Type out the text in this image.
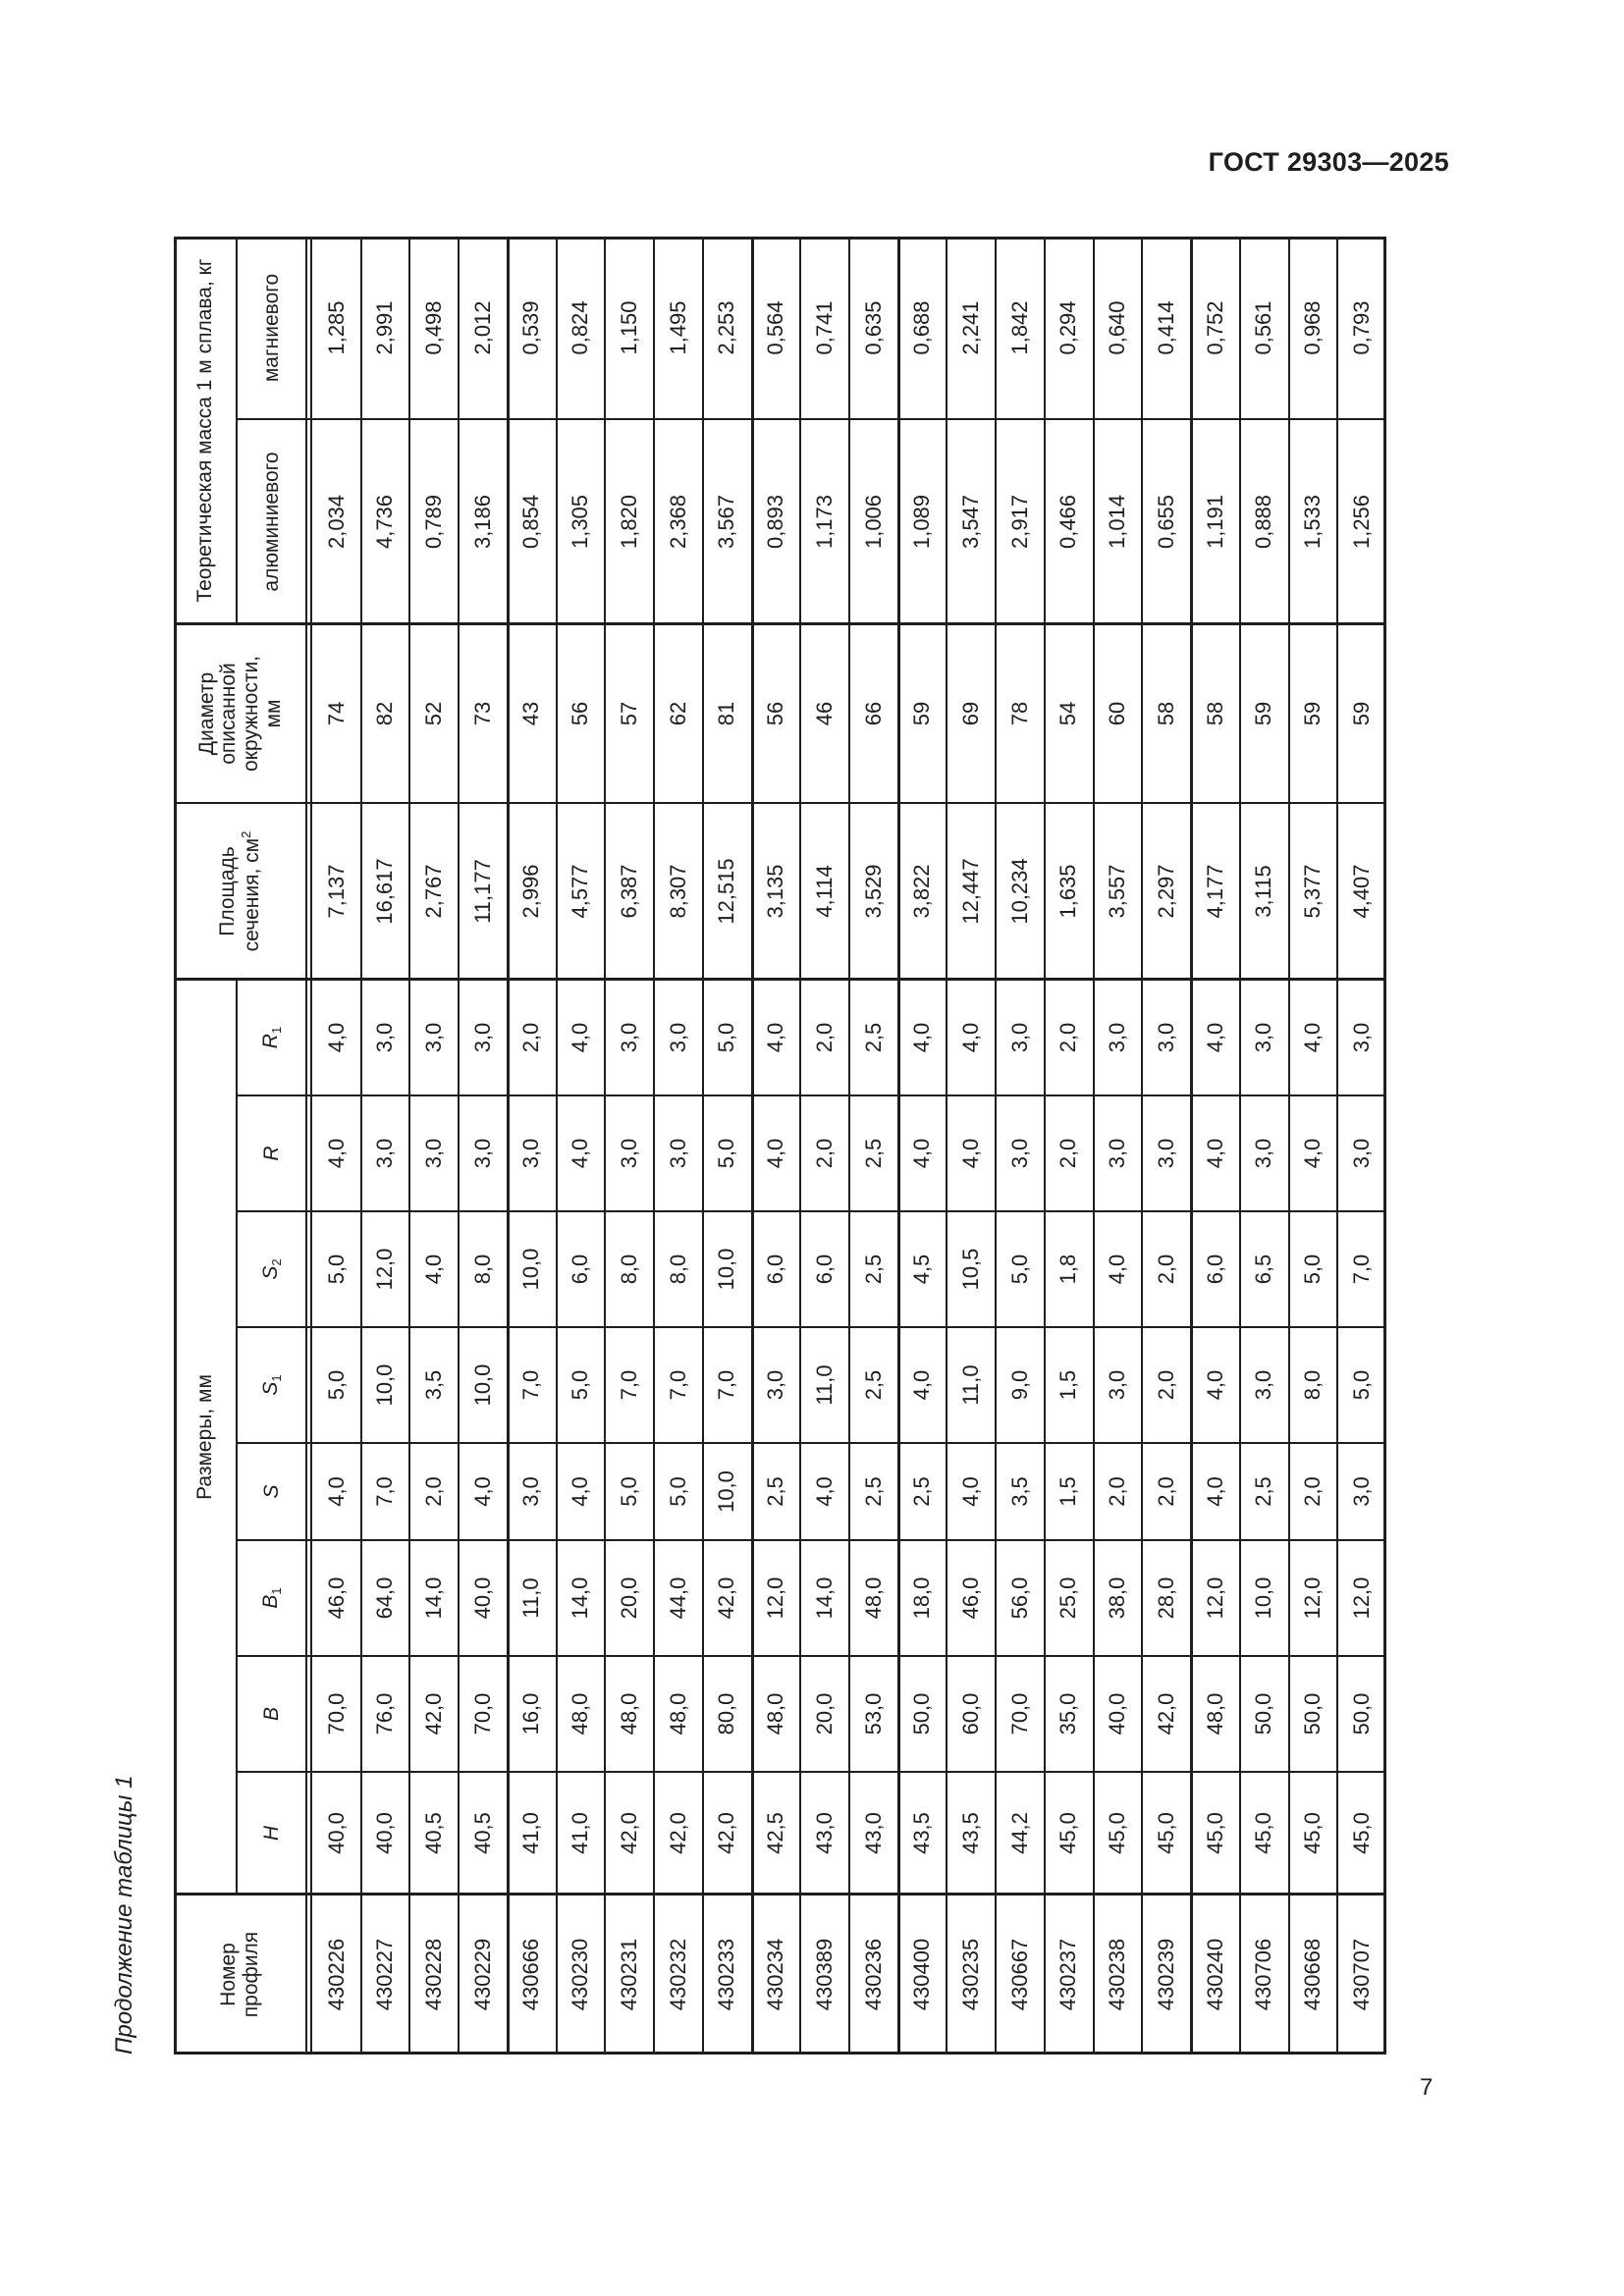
ГОСТ 29303—2025
Продолжение таблицы 1
7
Номер профиля
Размеры, мм
H
B
$B_1$
S
$S_1$
$S_2$
R
$R_1$
Площадь сечения, $см^2$
Диаметр описанной окружности, мм
Теоретическая масса 1 м сплава, кг алюминиевого
магниевого
430226
40,0
70,0
46,0
4,0
5,0
5,0
4,0
4,0
7,137
74
2,034
1,285
430227
40,0
76,0
64,0
7,0
10,0
12,0
3,0
3,0
16,617
82
4,736
2,991
430228
40,5
42,0
14,0
2,0
3,5
4,0
3,0
3,0
2,767
52
0,789
0,498
430229
40,5
70,0
40,0
4,0
10,0
8,0
3,0
3,0
11,177
73
3,186
2,012
430666
41,0
16,0
11,0
3,0
7,0
10,0
3,0
2,0
2,996
43
0,854
0,539
430230
41,0
48,0
14,0
4,0
5,0
6,0
4,0
4,0
4,577
56
1,305
0,824
430231
42,0
48,0
20,0
5,0
7,0
8,0
3,0
3,0
6,387
57
1,820
1,150
430232
42,0
48,0
44,0
5,0
7,0
8,0
3,0
3,0
8,307
62
2,368
1,495
430233
42,0
80,0
42,0
10,0
7,0
10,0
5,0
5,0
12,515
81
3,567
2,253
430234
42,5
48,0
12,0
2,5
3,0
6,0
4,0
4,0
3,135
56
0,893
0,564
430389
43,0
20,0
14,0
4,0
11,0
6,0
2,0
2,0
4,114
46
1,173
0,741
430236
43,0
53,0
48,0
2,5
2,5
2,5
2,5
2,5
3,529
66
1,006
0,635
430400
43,5
50,0
18,0
2,5
4,0
4,5
4,0
4,0
3,822
59
1,089
0,688
430235
43,5
60,0
46,0
4,0
11,0
10,5
4,0
4,0
12,447
69
3,547
2,241
430667
44,2
70,0
56,0
3,5
9,0
5,0
3,0
3,0
10,234
78
2,917
1,842
430237
45,0
35,0
25,0
1,5
1,5
1,8
2,0
2,0
1,635
54
0,466
0,294
430238
45,0
40,0
38,0
2,0
3,0
4,0
3,0
3,0
3,557
60
1,014
0,640
430239
45,0
42,0
28,0
2,0
2,0
2,0
3,0
3,0
2,297
58
0,655
0,414
430240
45,0
48,0
12,0
4,0
4,0
6,0
4,0
4,0
4,177
58
1,191
0,752
430706
45,0
50,0
10,0
2,5
3,0
6,5
3,0
3,0
3,115
59
0,888
0,561
430668
45,0
50,0
12,0
2,0
8,0
5,0
4,0
4,0
5,377
59
1,533
0,968
430707
45,0
50,0
12,0
3,0
5,0
7,0
3,0
3,0
4,407
59
1,256
0,793
